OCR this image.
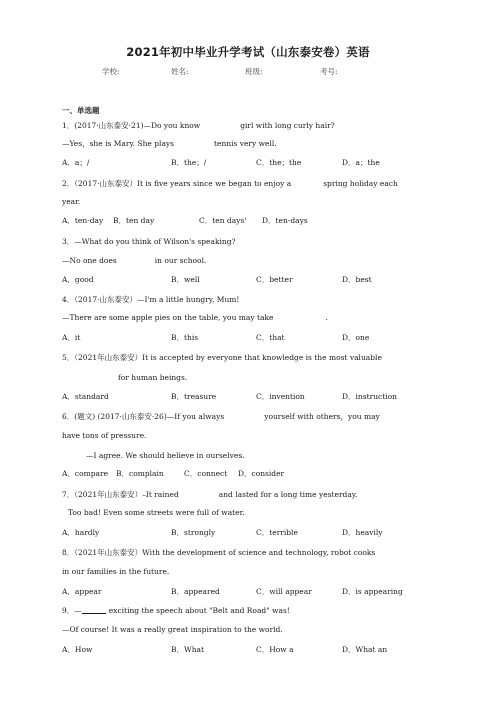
2021年初中毕业升学考试（山东泰安卷）英语
学校:	姓名:	班级:	考号:
一、单选题
1．(2017·山东泰安·21)—Do you know	girl with long curly hair?
—Yes，she is Mary. She plays	tennis very well.
A．a；/	B．the；/	C．the；the	D．a；the
2．（2017·山东泰安）It is five years since we began to enjoy a	spring holiday each
year.
A．ten-day B．ten day	C．ten days' D．ten-days
3．—What do you think of Wilson's speaking?
—No one does	in our school.
A．good	B．well	C．better	D．best
4．（2017·山东泰安）—I'm a little hungry, Mum!
—There are some apple pies on the table, you may take	.
A．it	B．this	C．that	D．one
5．（2021年山东泰安）It is accepted by everyone that knowledge is the most valuable
for human beings.
A．standard	B．treasure	C．invention	D．instruction
6．(题文) (2017·山东泰安·26)—If you always	yourself with others，you may
have tons of pressure.
—I agree. We should believe in ourselves.
A．compare B．complain	C．connect D．consider
7．（2021年山东泰安）–It rained	and lasted for a long time yesterday.
Too bad! Even some streets were full of water.
A．hardly	B．strongly	C．terrible	D．heavily
8．（2021年山东泰安）With the development of science and technology, robot cooks
in our families in the future.
A．appear	B．appeared	C．will appear	D．is appearing
9．—	exciting the speech about "Belt and Road" was!
—Of course! It was a really great inspiration to the world.
A．How	B．What	C．How a	D．What an
